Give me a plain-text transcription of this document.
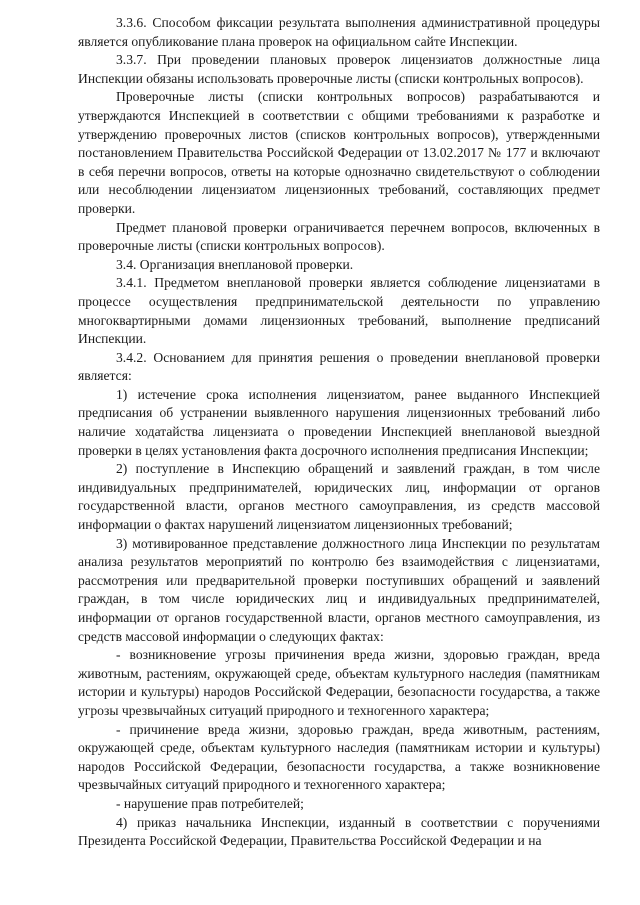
3.3.6. Способом фиксации результата выполнения административной процедуры является опубликование плана проверок на официальном сайте Инспекции.

3.3.7. При проведении плановых проверок лицензиатов должностные лица Инспекции обязаны использовать проверочные листы (списки контрольных вопросов).

Проверочные листы (списки контрольных вопросов) разрабатываются и утверждаются Инспекцией в соответствии с общими требованиями к разработке и утверждению проверочных листов (списков контрольных вопросов), утвержденными постановлением Правительства Российской Федерации от 13.02.2017 № 177 и включают в себя перечни вопросов, ответы на которые однозначно свидетельствуют о соблюдении или несоблюдении лицензиатом лицензионных требований, составляющих предмет проверки.

Предмет плановой проверки ограничивается перечнем вопросов, включенных в проверочные листы (списки контрольных вопросов).

3.4. Организация внеплановой проверки.

3.4.1. Предметом внеплановой проверки является соблюдение лицензиатами в процессе осуществления предпринимательской деятельности по управлению многоквартирными домами лицензионных требований, выполнение предписаний Инспекции.

3.4.2. Основанием для принятия решения о проведении внеплановой проверки является:

1) истечение срока исполнения лицензиатом, ранее выданного Инспекцией предписания об устранении выявленного нарушения лицензионных требований либо наличие ходатайства лицензиата о проведении Инспекцией внеплановой выездной проверки в целях установления факта досрочного исполнения предписания Инспекции;

2) поступление в Инспекцию обращений и заявлений граждан, в том числе индивидуальных предпринимателей, юридических лиц, информации от органов государственной власти, органов местного самоуправления, из средств массовой информации о фактах нарушений лицензиатом лицензионных требований;

3) мотивированное представление должностного лица Инспекции по результатам анализа результатов мероприятий по контролю без взаимодействия с лицензиатами, рассмотрения или предварительной проверки поступивших обращений и заявлений граждан, в том числе юридических лиц и индивидуальных предпринимателей, информации от органов государственной власти, органов местного самоуправления, из средств массовой информации о следующих фактах:

- возникновение угрозы причинения вреда жизни, здоровью граждан, вреда животным, растениям, окружающей среде, объектам культурного наследия (памятникам истории и культуры) народов Российской Федерации, безопасности государства, а также угрозы чрезвычайных ситуаций природного и техногенного характера;

- причинение вреда жизни, здоровью граждан, вреда животным, растениям, окружающей среде, объектам культурного наследия (памятникам истории и культуры) народов Российской Федерации, безопасности государства, а также возникновение чрезвычайных ситуаций природного и техногенного характера;

- нарушение прав потребителей;

4) приказ начальника Инспекции, изданный в соответствии с поручениями Президента Российской Федерации, Правительства Российской Федерации и на
